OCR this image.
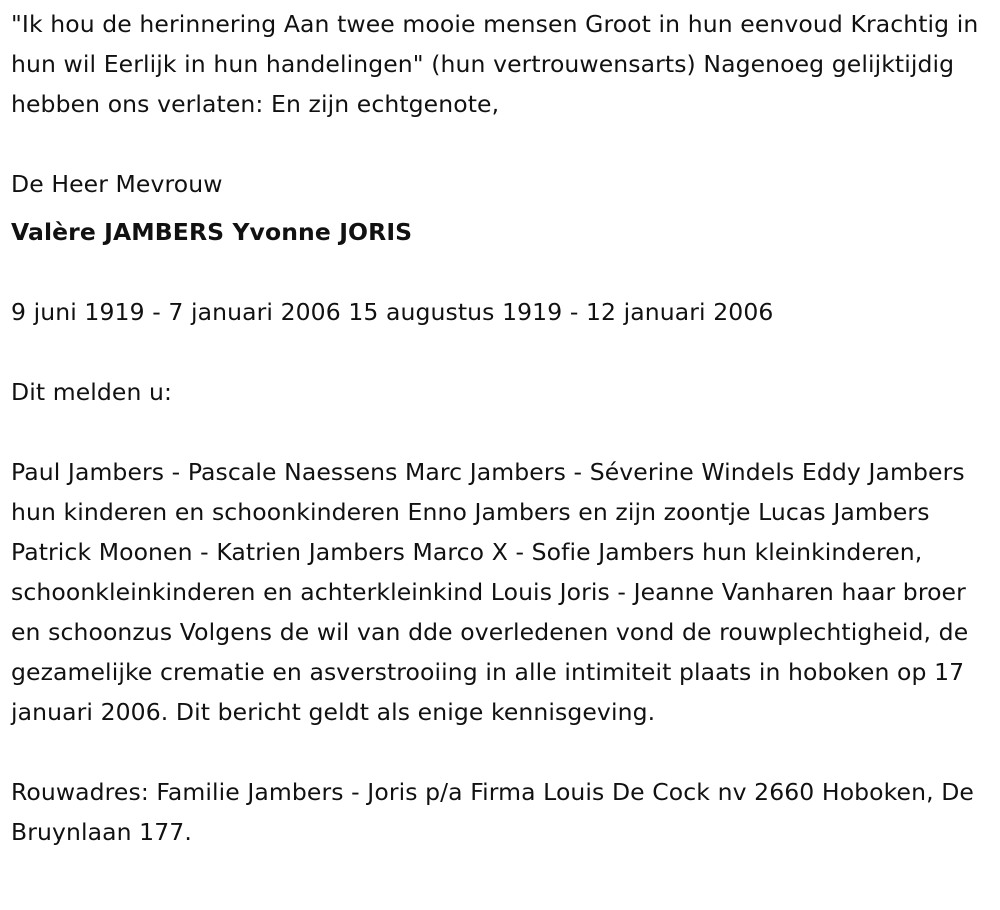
"Ik hou de herinnering Aan twee mooie mensen Groot in hun eenvoud Krachtig in hun wil Eerlijk in hun handelingen" (hun vertrouwensarts) Nagenoeg gelijktijdig hebben ons verlaten: En zijn echtgenote,

De Heer Mevrouw

Valère JAMBERS Yvonne JORIS

9 juni 1919 - 7 januari 2006 15 augustus 1919 - 12 januari 2006

Dit melden u:

Paul Jambers - Pascale Naessens Marc Jambers - Séverine Windels Eddy Jambers hun kinderen en schoonkinderen Enno Jambers en zijn zoontje Lucas Jambers Patrick Moonen - Katrien Jambers Marco X - Sofie Jambers hun kleinkinderen, schoonkleinkinderen en achterkleinkind Louis Joris - Jeanne Vanharen haar broer en schoonzus Volgens de wil van dde overledenen vond de rouwplechtigheid, de gezamelijke crematie en asverstrooiing in alle intimiteit plaats in hoboken op 17 januari 2006. Dit bericht geldt als enige kennisgeving.

Rouwadres: Familie Jambers - Joris p/a Firma Louis De Cock nv 2660 Hoboken, De Bruynlaan 177.
